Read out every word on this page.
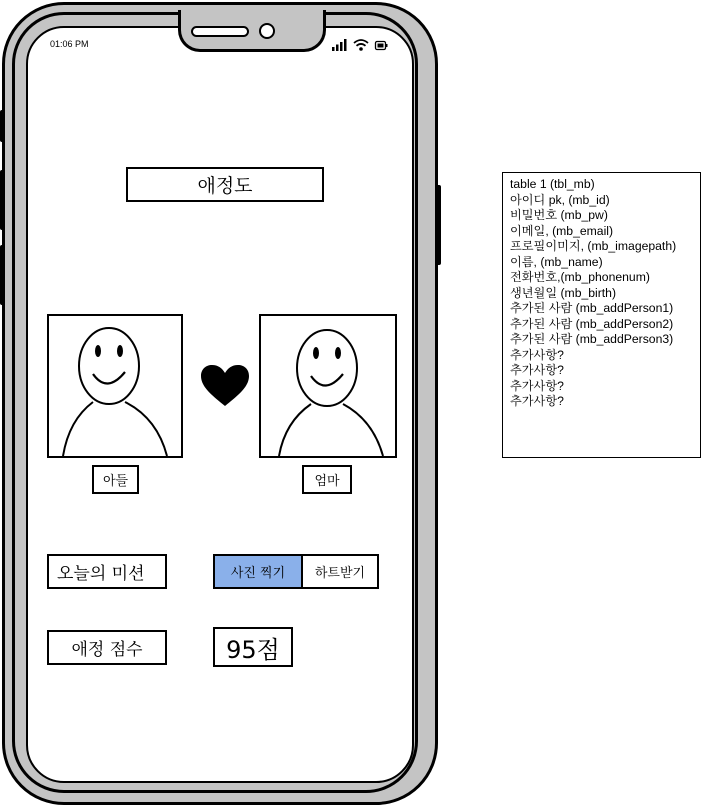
01:06 PM
애정도
아들	엄마
오늘의 미션	사진 찍기	하트받기
애정 점수	95점
table 1 (tbl_mb)
아이디 pk, (mb_id)
비밀번호 (mb_pw)
이메일, (mb_email)
프로필이미지, (mb_imagepath)
이름, (mb_name)
전화번호,(mb_phonenum)
생년월일 (mb_birth)
추가된 사람 (mb_addPerson1)
추가된 사람 (mb_addPerson2)
추가된 사람 (mb_addPerson3)
추가사항?
추가사항?
추가사항?
추가사항?
